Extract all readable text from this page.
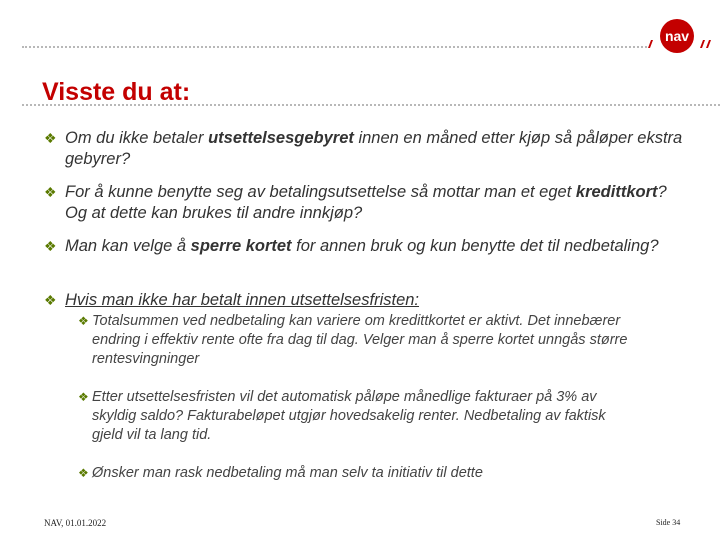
nav
Visste du at:
❖ Om du ikke betaler utsettelsesgebyret innen en måned etter kjøp så påløper ekstra gebyrer?
❖ For å kunne benytte seg av betalingsutsettelse så mottar man et eget kredittkort? Og at dette kan brukes til andre innkjøp?
❖ Man kan velge å sperre kortet for annen bruk og kun benytte det til nedbetaling?
❖ Hvis man ikke har betalt innen utsettelsesfristen:
❖ Totalsummen ved nedbetaling kan variere om kredittkortet er aktivt. Det innebærer endring i effektiv rente ofte fra dag til dag. Velger man å sperre kortet unngås større rentesvingninger
❖ Etter utsettelsesfristen vil det automatisk påløpe månedlige fakturaer på 3% av skyldig saldo? Fakturabeløpet utgjør hovedsakelig renter. Nedbetaling av faktisk gjeld vil ta lang tid.
❖ Ønsker man rask nedbetaling må man selv ta initiativ til dette
NAV, 01.01.2022	Side 34
